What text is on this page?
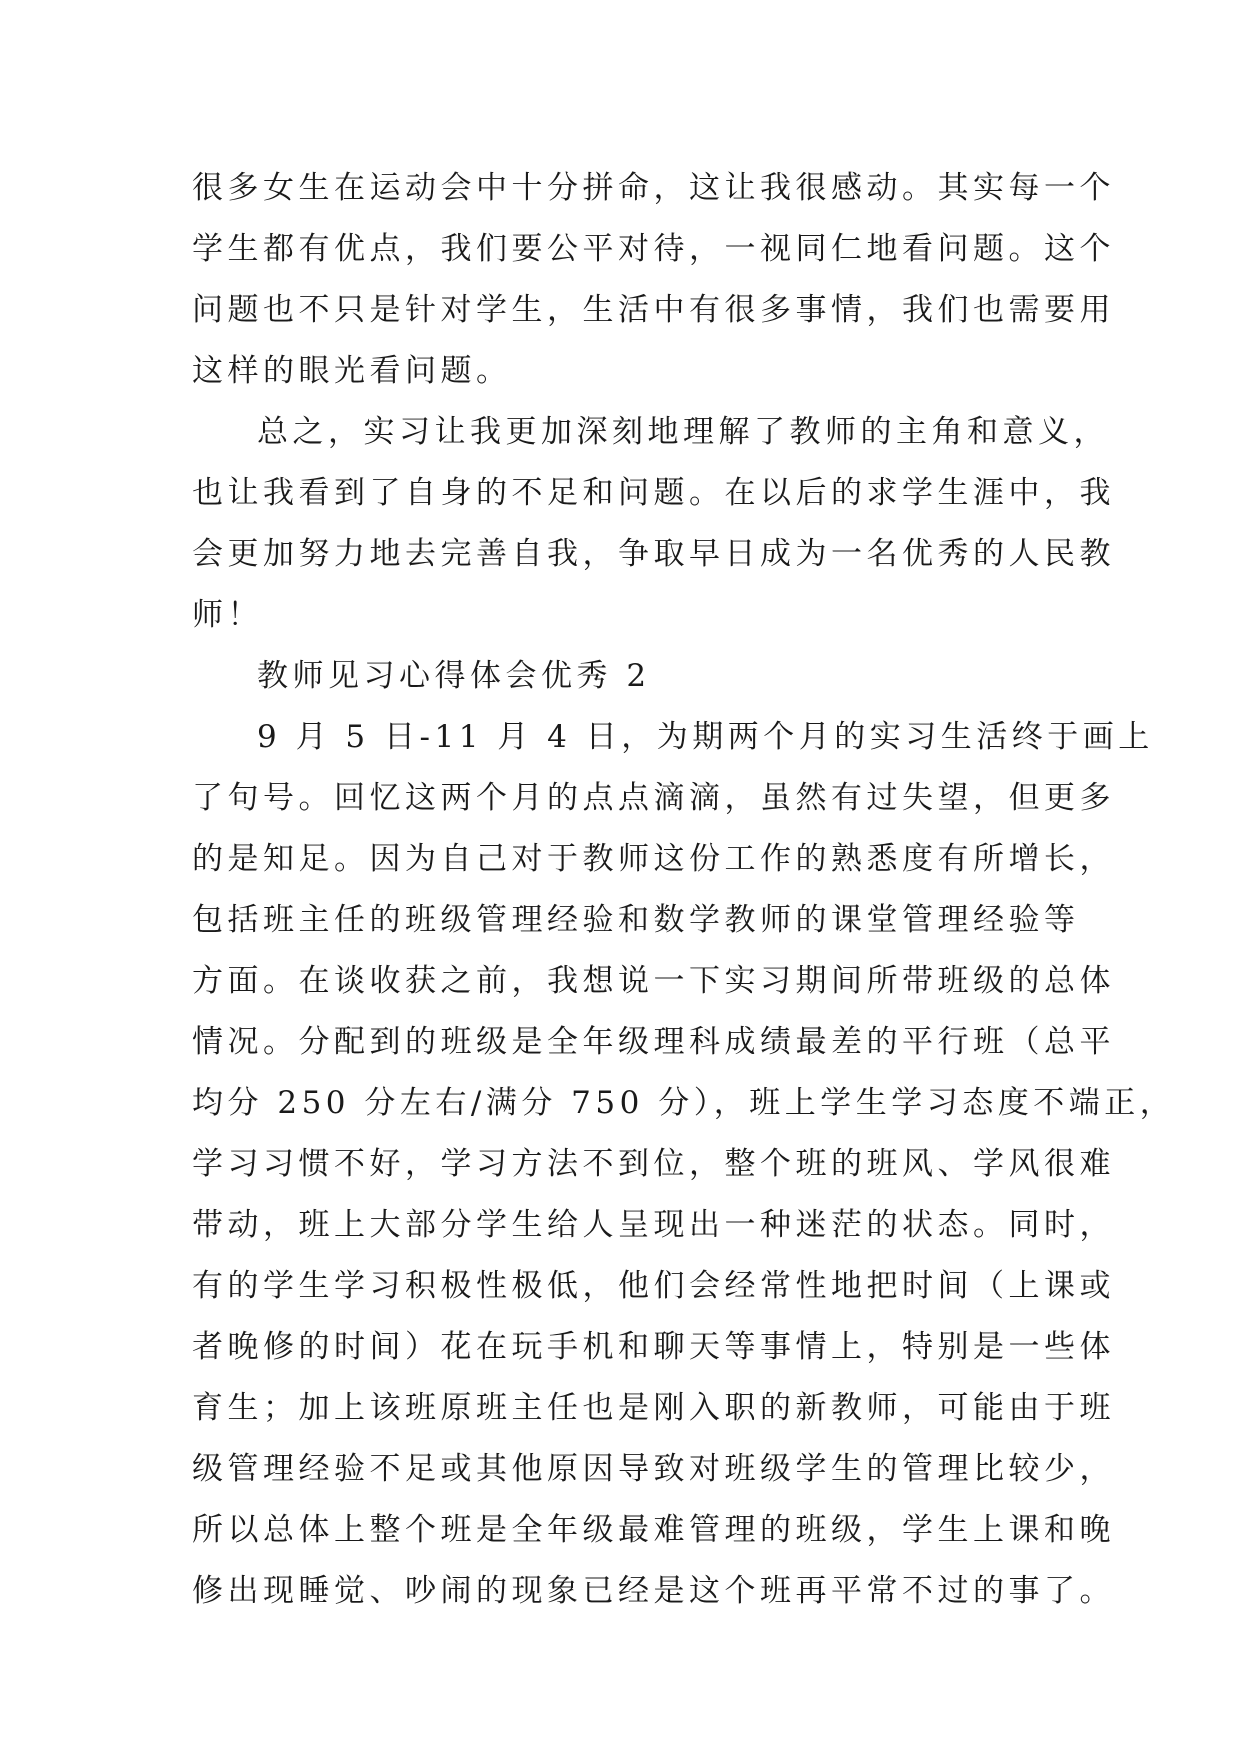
很多女生在运动会中十分拼命，这让我很感动。其实每一个
学生都有优点，我们要公平对待，一视同仁地看问题。这个
问题也不只是针对学生，生活中有很多事情，我们也需要用
这样的眼光看问题。
总之，实习让我更加深刻地理解了教师的主角和意义，
也让我看到了自身的不足和问题。在以后的求学生涯中，我
会更加努力地去完善自我，争取早日成为一名优秀的人民教
师！
教师见习心得体会优秀 2
9 月 5 日-11 月 4 日，为期两个月的实习生活终于画上
了句号。回忆这两个月的点点滴滴，虽然有过失望，但更多
的是知足。因为自己对于教师这份工作的熟悉度有所增长，
包括班主任的班级管理经验和数学教师的课堂管理经验等
方面。在谈收获之前，我想说一下实习期间所带班级的总体
情况。分配到的班级是全年级理科成绩最差的平行班（总平
均分 250 分左右/满分 750 分），班上学生学习态度不端正，
学习习惯不好，学习方法不到位，整个班的班风、学风很难
带动，班上大部分学生给人呈现出一种迷茫的状态。同时，
有的学生学习积极性极低，他们会经常性地把时间（上课或
者晚修的时间）花在玩手机和聊天等事情上，特别是一些体
育生；加上该班原班主任也是刚入职的新教师，可能由于班
级管理经验不足或其他原因导致对班级学生的管理比较少，
所以总体上整个班是全年级最难管理的班级，学生上课和晚
修出现睡觉、吵闹的现象已经是这个班再平常不过的事了。
